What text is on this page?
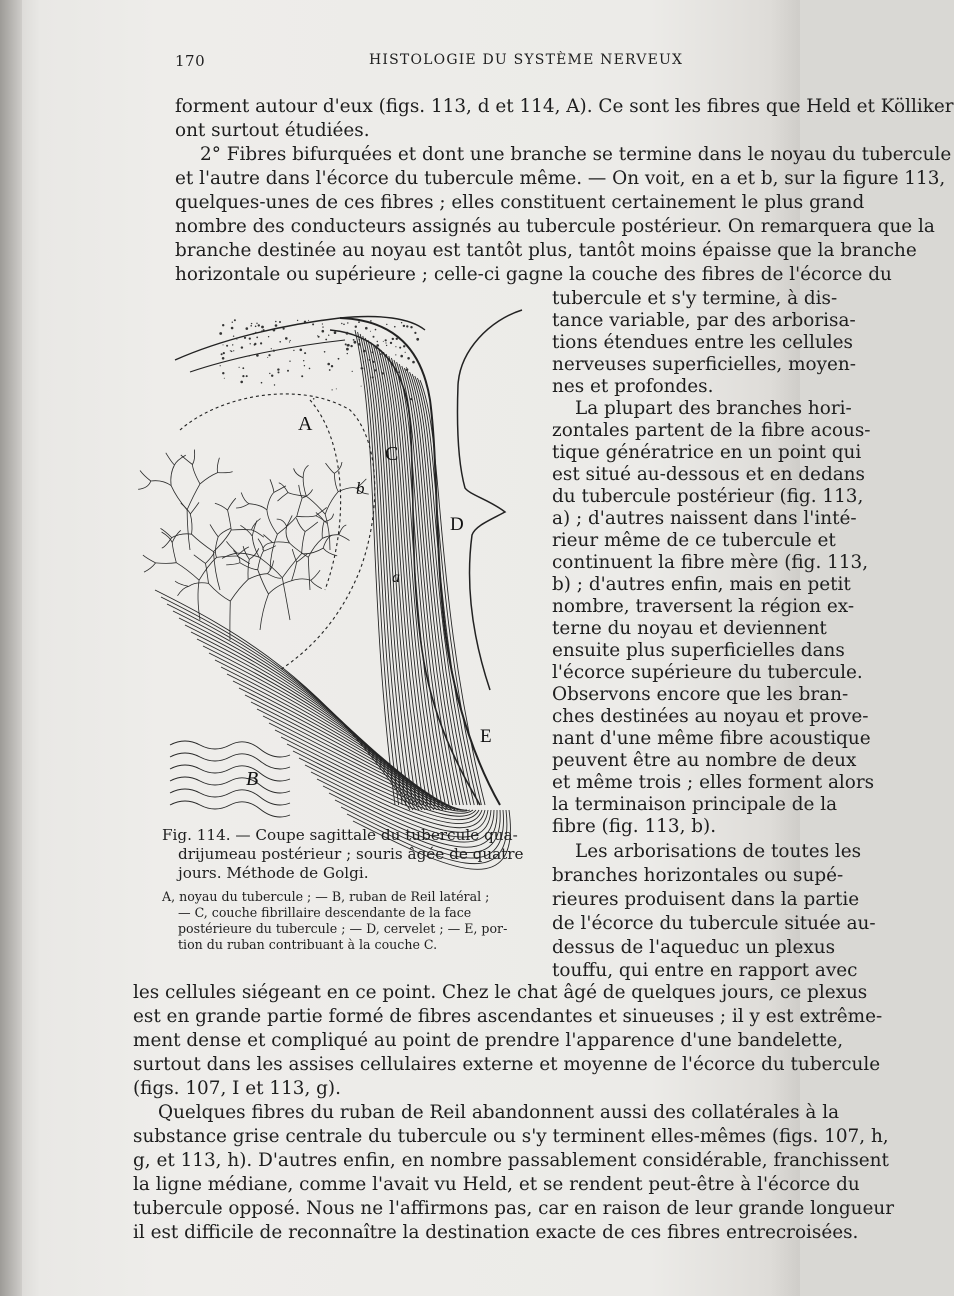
170	HISTOLOGIE DU SYSTÈME NERVEUX
forment autour d'eux (figs. 113, d et 114, A). Ce sont les fibres que Held et Kölliker
ont surtout étudiées.
2° Fibres bifurquées et dont une branche se termine dans le noyau du tubercule
et l'autre dans l'écorce du tubercule même. — On voit, en a et b, sur la figure 113,
quelques-unes de ces fibres ; elles constituent certainement le plus grand
nombre des conducteurs assignés au tubercule postérieur. On remarquera que la
branche destinée au noyau est tantôt plus, tantôt moins épaisse que la branche
horizontale ou supérieure ; celle-ci gagne la couche des fibres de l'écorce du
tubercule et s'y termine, à dis-
tance variable, par des arborisa-
tions étendues entre les cellules
nerveuses superficielles, moyen-
nes et profondes.
La plupart des branches hori-
zontales partent de la fibre acous-
tique génératrice en un point qui
est situé au-dessous et en dedans
du tubercule postérieur (fig. 113,
a) ; d'autres naissent dans l'inté-
rieur même de ce tubercule et
continuent la fibre mère (fig. 113,
b) ; d'autres enfin, mais en petit
nombre, traversent la région ex-
terne du noyau et deviennent
ensuite plus superficielles dans
l'écorce supérieure du tubercule.
Observons encore que les bran-
ches destinées au noyau et prove-
nant d'une même fibre acoustique
peuvent être au nombre de deux
et même trois ; elles forment alors
la terminaison principale de la
fibre (fig. 113, b).
Les arborisations de toutes les
branches horizontales ou supé-
rieures produisent dans la partie
de l'écorce du tubercule située au-
dessus de l'aqueduc un plexus
touffu, qui entre en rapport avec
A
B
C
D
E
b
a
Fig. 114. — Coupe sagittale du tubercule qua-
drijumeau postérieur ; souris âgée de quatre
jours. Méthode de Golgi.
A, noyau du tubercule ; — B, ruban de Reil latéral ;
— C, couche fibrillaire descendante de la face
postérieure du tubercule ; — D, cervelet ; — E, por-
tion du ruban contribuant à la couche C.
les cellules siégeant en ce point. Chez le chat âgé de quelques jours, ce plexus
est en grande partie formé de fibres ascendantes et sinueuses ; il y est extrême-
ment dense et compliqué au point de prendre l'apparence d'une bandelette,
surtout dans les assises cellulaires externe et moyenne de l'écorce du tubercule
(figs. 107, I et 113, g).
Quelques fibres du ruban de Reil abandonnent aussi des collatérales à la
substance grise centrale du tubercule ou s'y terminent elles-mêmes (figs. 107, h,
g, et 113, h). D'autres enfin, en nombre passablement considérable, franchissent
la ligne médiane, comme l'avait vu Held, et se rendent peut-être à l'écorce du
tubercule opposé. Nous ne l'affirmons pas, car en raison de leur grande longueur
il est difficile de reconnaître la destination exacte de ces fibres entrecroisées.
